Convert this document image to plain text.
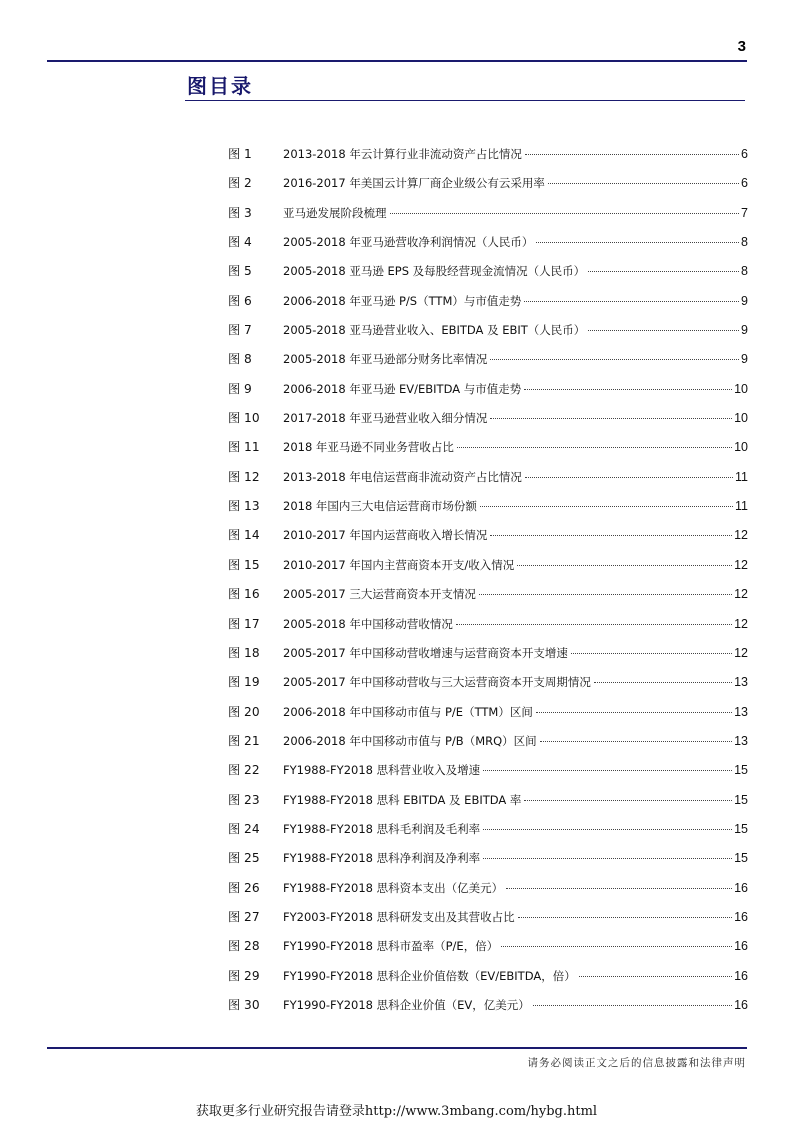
3
图目录
图 1	2013-2018 年云计算行业非流动资产占比情况	6
图 2	2016-2017 年美国云计算厂商企业级公有云采用率	6
图 3	亚马逊发展阶段梳理	7
图 4	2005-2018 年亚马逊营收净利润情况（人民币）	8
图 5	2005-2018 亚马逊 EPS 及每股经营现金流情况（人民币）	8
图 6	2006-2018 年亚马逊 P/S（TTM）与市值走势	9
图 7	2005-2018 亚马逊营业收入、EBITDA 及 EBIT（人民币）	9
图 8	2005-2018 年亚马逊部分财务比率情况	9
图 9	2006-2018 年亚马逊 EV/EBITDA 与市值走势	10
图 10	2017-2018 年亚马逊营业收入细分情况	10
图 11	2018 年亚马逊不同业务营收占比	10
图 12	2013-2018 年电信运营商非流动资产占比情况	11
图 13	2018 年国内三大电信运营商市场份额	11
图 14	2010-2017 年国内运营商收入增长情况	12
图 15	2010-2017 年国内主营商资本开支/收入情况	12
图 16	2005-2017 三大运营商资本开支情况	12
图 17	2005-2018 年中国移动营收情况	12
图 18	2005-2017 年中国移动营收增速与运营商资本开支增速	12
图 19	2005-2017 年中国移动营收与三大运营商资本开支周期情况	13
图 20	2006-2018 年中国移动市值与 P/E（TTM）区间	13
图 21	2006-2018 年中国移动市值与 P/B（MRQ）区间	13
图 22	FY1988-FY2018 思科营业收入及增速	15
图 23	FY1988-FY2018 思科 EBITDA 及 EBITDA 率	15
图 24	FY1988-FY2018 思科毛利润及毛利率	15
图 25	FY1988-FY2018 思科净利润及净利率	15
图 26	FY1988-FY2018 思科资本支出（亿美元）	16
图 27	FY2003-FY2018 思科研发支出及其营收占比	16
图 28	FY1990-FY2018 思科市盈率（P/E，倍）	16
图 29	FY1990-FY2018 思科企业价值倍数（EV/EBITDA，倍）	16
图 30	FY1990-FY2018 思科企业价值（EV，亿美元）	16
请务必阅读正文之后的信息披露和法律声明
获取更多行业研究报告请登录http://www.3mbang.com/hybg.html
